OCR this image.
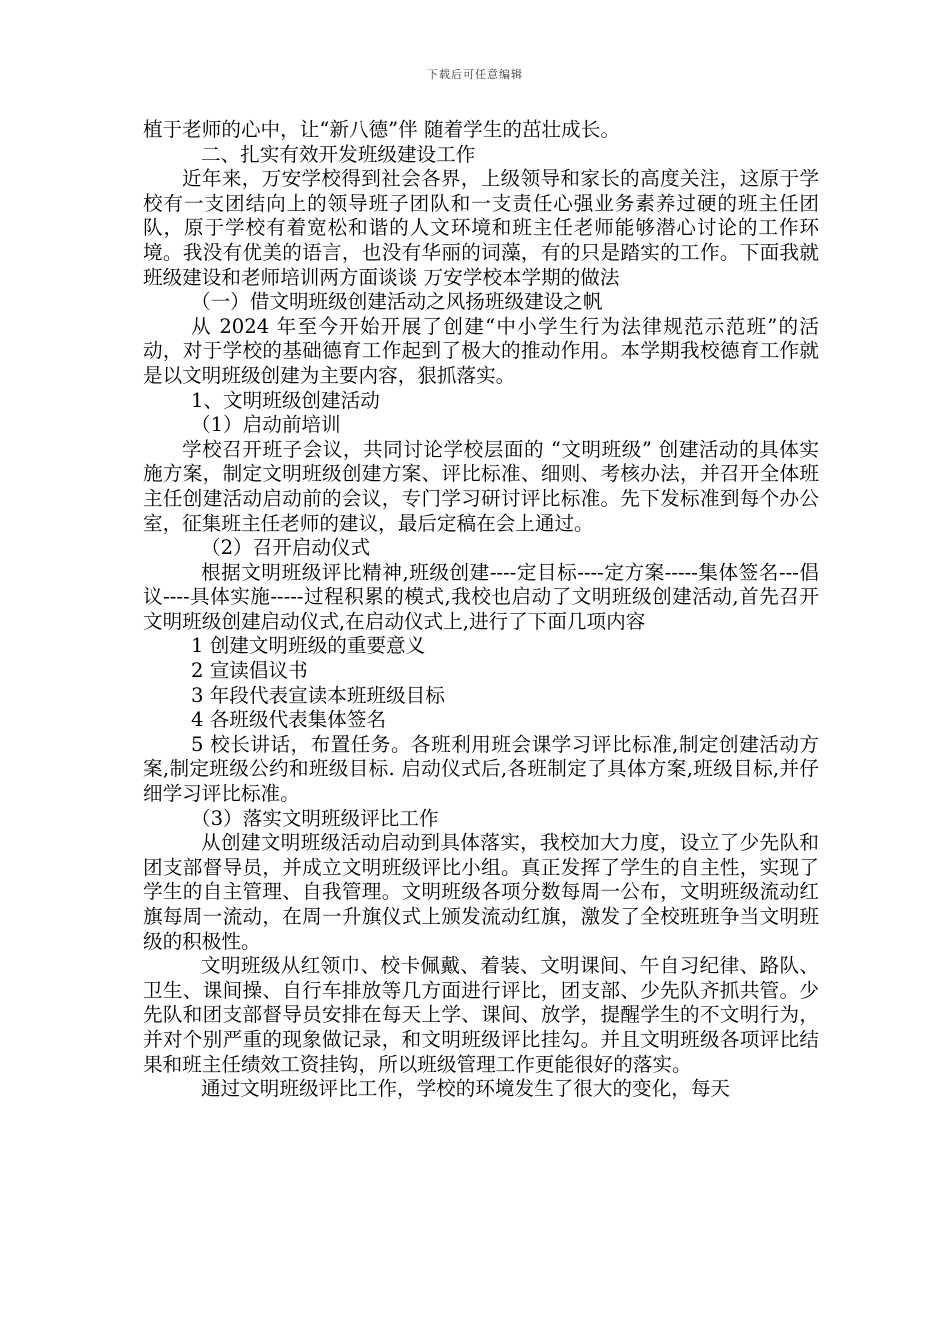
下载后可任意编辑

植于老师的心中，让“新八德”伴 随着学生的茁壮成长。

二、扎实有效开发班级建设工作

近年来，万安学校得到社会各界，上级领导和家长的高度关注，这原于学校有一支团结向上的领导班子团队和一支责任心强业务素养过硬的班主任团队，原于学校有着宽松和谐的人文环境和班主任老师能够潜心讨论的工作环境。我没有优美的语言，也没有华丽的词藻，有的只是踏实的工作。下面我就班级建设和老师培训两方面谈谈 万安学校本学期的做法

（一）借文明班级创建活动之风扬班级建设之帆

从 2024 年至今开始开展了创建“中小学生行为法律规范示范班”的活动，对于学校的基础德育工作起到了极大的推动作用。本学期我校德育工作就是以文明班级创建为主要内容，狠抓落实。

1、文明班级创建活动

（1）启动前培训

学校召开班子会议，共同讨论学校层面的 “文明班级” 创建活动的具体实施方案，制定文明班级创建方案、评比标准、细则、考核办法，并召开全体班主任创建活动启动前的会议，专门学习研讨评比标准。先下发标准到每个办公室，征集班主任老师的建议，最后定稿在会上通过。

（2）召开启动仪式

根据文明班级评比精神,班级创建----定目标----定方案-----集体签名---倡议----具体实施-----过程积累的模式,我校也启动了文明班级创建活动,首先召开文明班级创建启动仪式,在启动仪式上,进行了下面几项内容

1 创建文明班级的重要意义

2 宣读倡议书

3 年段代表宣读本班班级目标

4 各班级代表集体签名

5 校长讲话，布置任务。各班利用班会课学习评比标准,制定创建活动方案,制定班级公约和班级目标. 启动仪式后,各班制定了具体方案,班级目标,并仔细学习评比标准。

（3）落实文明班级评比工作

从创建文明班级活动启动到具体落实，我校加大力度，设立了少先队和团支部督导员，并成立文明班级评比小组。真正发挥了学生的自主性，实现了学生的自主管理、自我管理。文明班级各项分数每周一公布，文明班级流动红旗每周一流动，在周一升旗仪式上颁发流动红旗，激发了全校班班争当文明班级的积极性。

文明班级从红领巾、校卡佩戴、着装、文明课间、午自习纪律、路队、卫生、课间操、自行车排放等几方面进行评比，团支部、少先队齐抓共管。少先队和团支部督导员安排在每天上学、课间、放学，提醒学生的不文明行为，并对个别严重的现象做记录，和文明班级评比挂勾。并且文明班级各项评比结果和班主任绩效工资挂钩，所以班级管理工作更能很好的落实。

通过文明班级评比工作，学校的环境发生了很大的变化，每天
